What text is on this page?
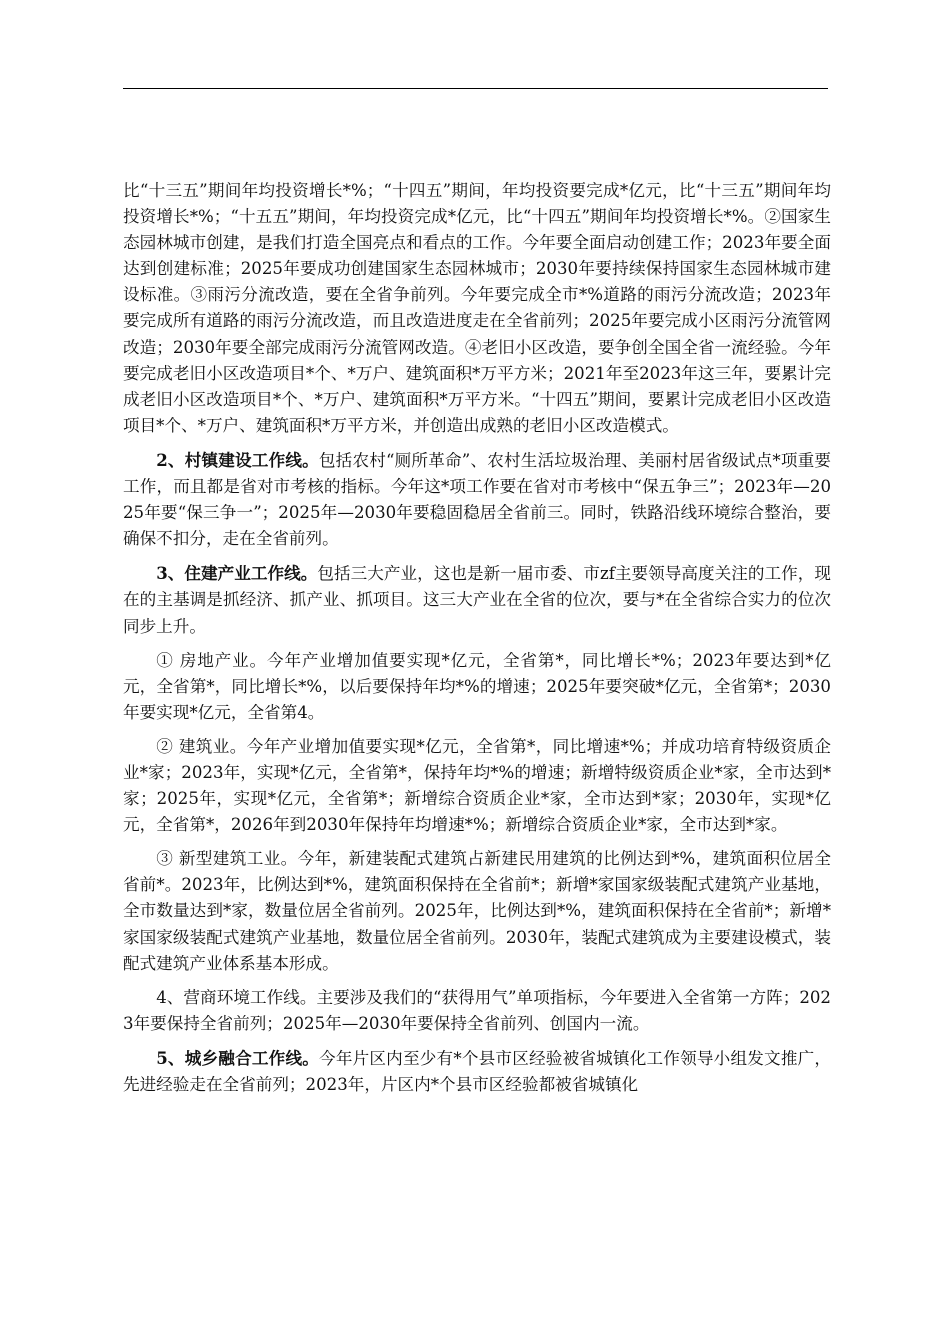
比“十三五”期间年均投资增长*%；“十四五”期间，年均投资要完成*亿元，比“十三五”期间年均投资增长*%；“十五五”期间，年均投资完成*亿元，比“十四五”期间年均投资增长*%。②国家生态园林城市创建，是我们打造全国亮点和看点的工作。今年要全面启动创建工作；2023年要全面达到创建标准；2025年要成功创建国家生态园林城市；2030年要持续保持国家生态园林城市建设标准。③雨污分流改造，要在全省争前列。今年要完成全市*%道路的雨污分流改造；2023年要完成所有道路的雨污分流改造，而且改造进度走在全省前列；2025年要完成小区雨污分流管网改造；2030年要全部完成雨污分流管网改造。④老旧小区改造，要争创全国全省一流经验。今年要完成老旧小区改造项目*个、*万户、建筑面积*万平方米；2021年至2023年这三年，要累计完成老旧小区改造项目*个、*万户、建筑面积*万平方米。“十四五”期间，要累计完成老旧小区改造项目*个、*万户、建筑面积*万平方米，并创造出成熟的老旧小区改造模式。

2、村镇建设工作线。包括农村“厕所革命”、农村生活垃圾治理、美丽村居省级试点*项重要工作，而且都是省对市考核的指标。今年这*项工作要在省对市考核中“保五争三”；2023年—2025年要“保三争一”；2025年—2030年要稳固稳居全省前三。同时，铁路沿线环境综合整治，要确保不扣分，走在全省前列。

3、住建产业工作线。包括三大产业，这也是新一届市委、市zf主要领导高度关注的工作，现在的主基调是抓经济、抓产业、抓项目。这三大产业在全省的位次，要与*在全省综合实力的位次同步上升。

① 房地产业。今年产业增加值要实现*亿元，全省第*，同比增长*%；2023年要达到*亿元，全省第*，同比增长*%，以后要保持年均*%的增速；2025年要突破*亿元，全省第*；2030年要实现*亿元，全省第4。

② 建筑业。今年产业增加值要实现*亿元，全省第*，同比增速*%；并成功培育特级资质企业*家；2023年，实现*亿元，全省第*，保持年均*%的增速；新增特级资质企业*家，全市达到*家；2025年，实现*亿元，全省第*；新增综合资质企业*家，全市达到*家；2030年，实现*亿元，全省第*，2026年到2030年保持年均增速*%；新增综合资质企业*家，全市达到*家。

③ 新型建筑工业。今年，新建装配式建筑占新建民用建筑的比例达到*%，建筑面积位居全省前*。2023年，比例达到*%，建筑面积保持在全省前*；新增*家国家级装配式建筑产业基地，全市数量达到*家，数量位居全省前列。2025年，比例达到*%，建筑面积保持在全省前*；新增*家国家级装配式建筑产业基地，数量位居全省前列。2030年，装配式建筑成为主要建设模式，装配式建筑产业体系基本形成。

4、营商环境工作线。主要涉及我们的“获得用气”单项指标，今年要进入全省第一方阵；2023年要保持全省前列；2025年—2030年要保持全省前列、创国内一流。

5、城乡融合工作线。今年片区内至少有*个县市区经验被省城镇化工作领导小组发文推广，先进经验走在全省前列；2023年，片区内*个县市区经验都被省城镇化
